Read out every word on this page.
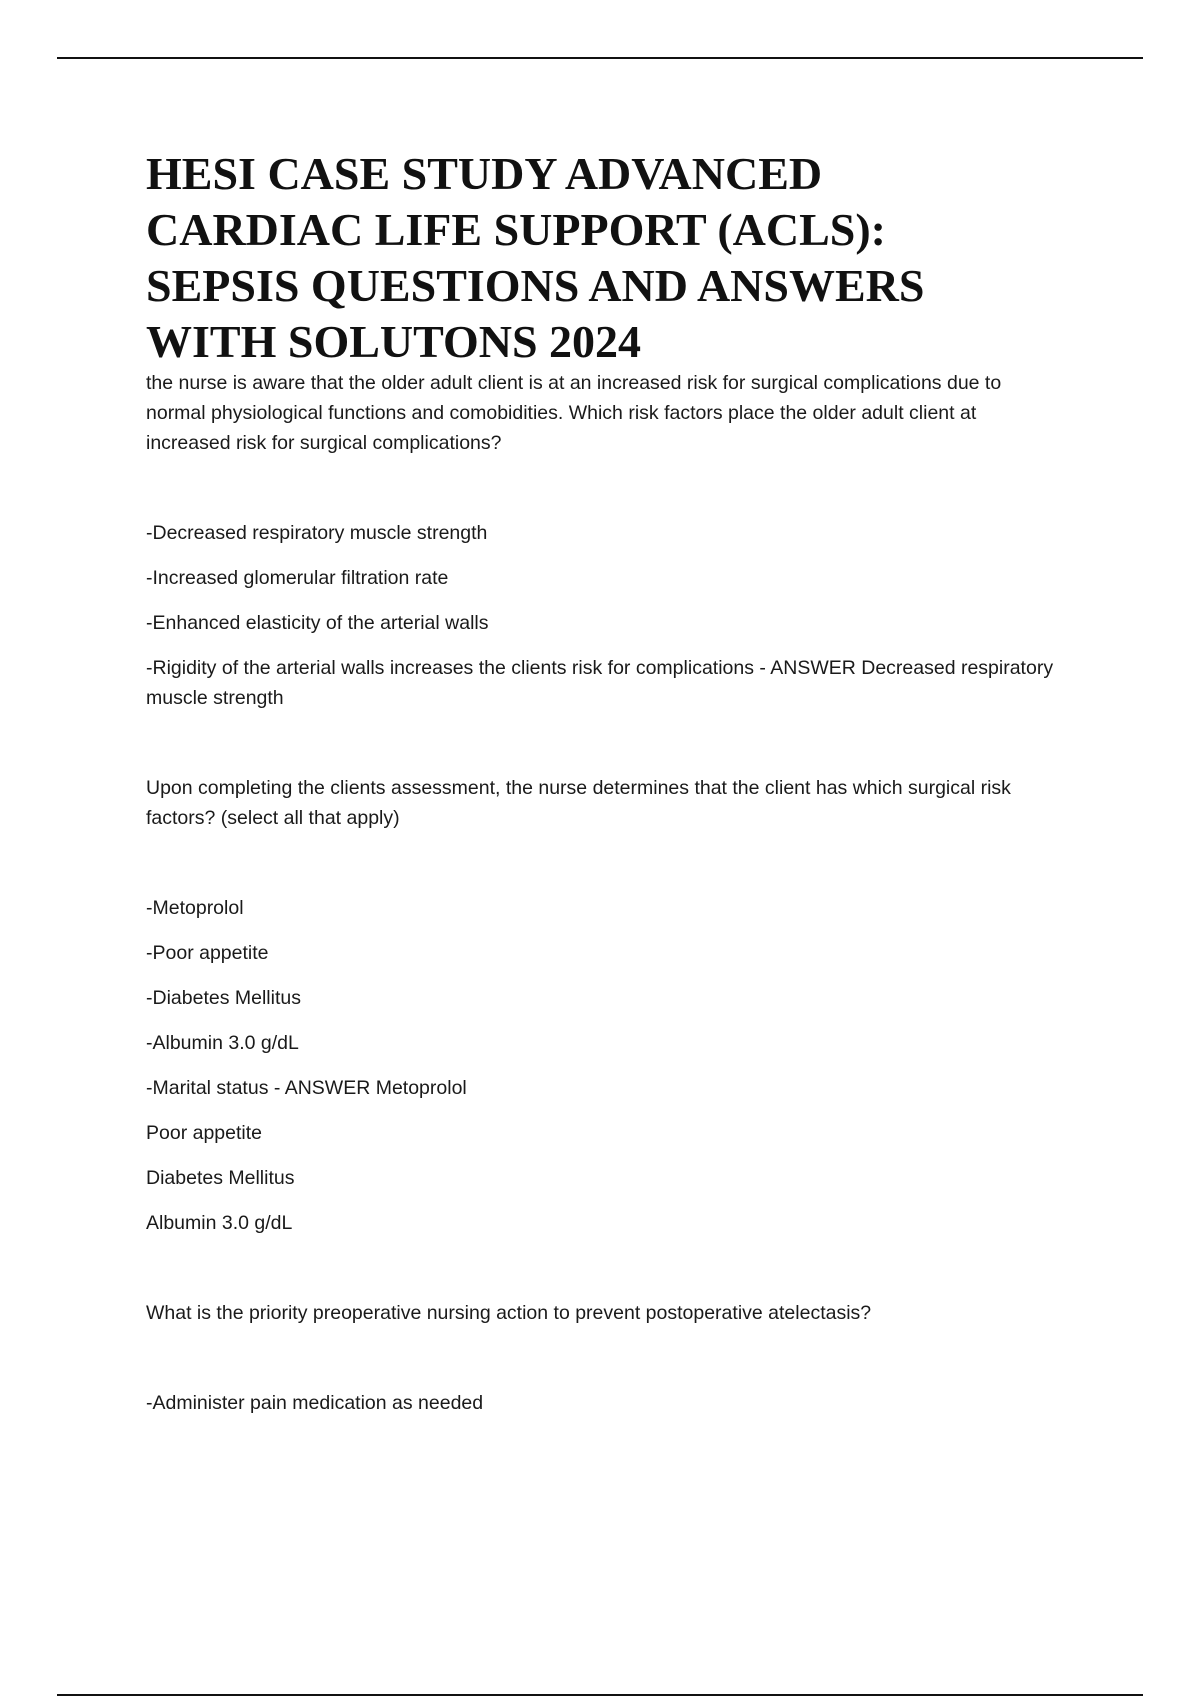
HESI CASE STUDY ADVANCED
CARDIAC LIFE SUPPORT (ACLS):
SEPSIS QUESTIONS AND ANSWERS
WITH SOLUTONS 2024

the nurse is aware that the older adult client is at an increased risk for surgical complications due to
normal physiological functions and comobidities. Which risk factors place the older adult client at
increased risk for surgical complications?

-Decreased respiratory muscle strength

-Increased glomerular filtration rate

-Enhanced elasticity of the arterial walls

-Rigidity of the arterial walls increases the clients risk for complications - ANSWER Decreased respiratory
muscle strength

Upon completing the clients assessment, the nurse determines that the client has which surgical risk
factors? (select all that apply)

-Metoprolol

-Poor appetite

-Diabetes Mellitus

-Albumin 3.0 g/dL

-Marital status - ANSWER Metoprolol

Poor appetite

Diabetes Mellitus

Albumin 3.0 g/dL

What is the priority preoperative nursing action to prevent postoperative atelectasis?

-Administer pain medication as needed
